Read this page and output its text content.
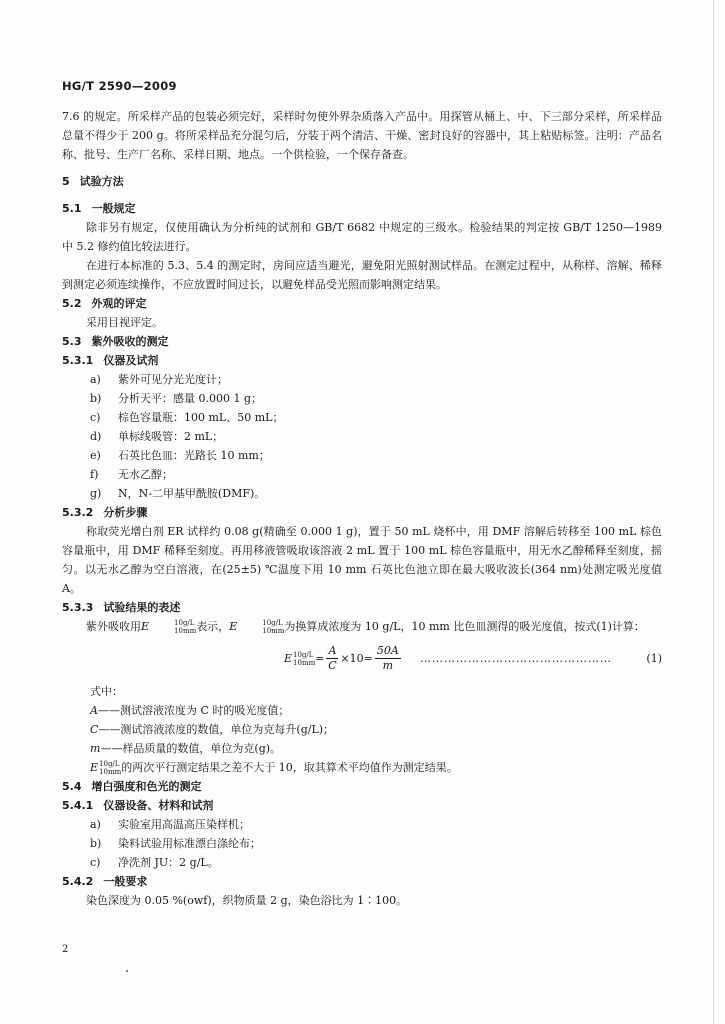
HG/T 2590—2009

7.6 的规定。所采样产品的包装必须完好，采样时勿使外界杂质落入产品中。用探管从桶上、中、下三部分采样，所采样品总量不得少于 200 g。将所采样品充分混匀后，分装于两个清洁、干燥、密封良好的容器中，其上粘贴标签。注明：产品名称、批号、生产厂名称、采样日期、地点。一个供检验，一个保存备查。

5 试验方法
5.1 一般规定

除非另有规定，仅使用确认为分析纯的试剂和 GB/T 6682 中规定的三级水。检验结果的判定按 GB/T 1250—1989 中 5.2 修约值比较法进行。

在进行本标准的 5.3、5.4 的测定时，房间应适当避光，避免阳光照射测试样品。在测定过程中，从称样、溶解、稀释到测定必须连续操作，不应放置时间过长，以避免样品受光照而影响测定结果。

5.2 外观的评定

采用目视评定。

5.3 紫外吸收的测定
5.3.1 仪器及试剂
a)	紫外可见分光光度计；
b)	分析天平：感量 0.000 1 g；
c)	棕色容量瓶：100 mL、50 mL；
d)	单标线吸管：2 mL；
e)	石英比色皿：光路长 10 mm；
f)	无水乙醇；
g)	N，N-二甲基甲酰胺(DMF)。
5.3.2 分析步骤

称取荧光增白剂 ER 试样约 0.08 g(精确至 0.000 1 g)，置于 50 mL 烧杯中，用 DMF 溶解后转移至 100 mL 棕色容量瓶中，用 DMF 稀释至刻度。再用移液管吸取该溶液 2 mL 置于 100 mL 棕色容量瓶中，用无水乙醇稀释至刻度，摇匀。以无水乙醇为空白溶液，在(25±5) ℃温度下用 10 mm 石英比色池立即在最大吸收波长(364 nm)处测定吸光度值 A。

5.3.3 试验结果的表述

紫外吸收用E	10g/L
10mm 表示，E	10g/L
10mm 为换算成浓度为 10 g/L，10 mm 比色皿测得的吸光度值，按式(1)计算：

E 10g/L
$10mm = \frac{A}{C} \times 10= \frac{50A}{m}$ …………………………………………	(1)

式中：

A ——测试溶液浓度为 C 时的吸光度值；
C ——测试溶液浓度的数值，单位为克每升(g/L)；
m ——样品质量的数值，单位为克(g)。

E 10g/L
10mm 的两次平行测定结果之差不大于 10，取其算术平均值作为测定结果。

5.4 增白强度和色光的测定
5.4.1 仪器设备、材料和试剂
a)	实验室用高温高压染样机；
b)	染料试验用标准漂白涤纶布；
c)	净洗剂 JU：2 g/L。
5.4.2 一般要求

染色深度为 0.05 %(owf)，织物质量 2 g，染色浴比为 1∶100。

2
